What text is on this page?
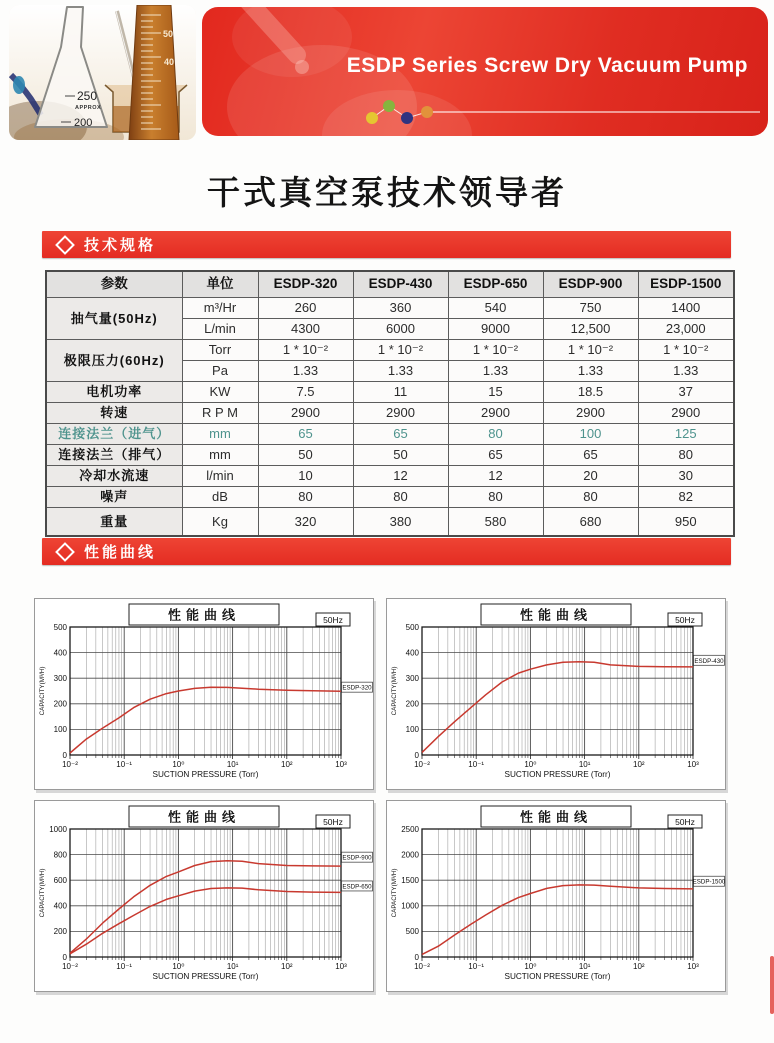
250
APPROX
200
50
40	ESDP Series Screw Dry Vacuum Pump
干式真空泵技术领导者
技术规格
参数	单位	ESDP-320	ESDP-430	ESDP-650	ESDP-900	ESDP-1500
抽气量(50Hz)	m³/Hr	260	360	540	750	1400
	L/min	4300	6000	9000	12,500	23,000
极限压力(60Hz)	Torr	1 * 10⁻²	1 * 10⁻²	1 * 10⁻²	1 * 10⁻²	1 * 10⁻²
	Pa	1.33	1.33	1.33	1.33	1.33
电机功率	KW	7.5	11	15	18.5	37
转速	R P M	2900	2900	2900	2900	2900
连接法兰（进气）	mm	65	65	80	100	125
连接法兰（排气）	mm	50	50	65	65	80
冷却水流速	l/min	10	12	12	20	30
噪声	dB	80	80	80	80	82
重量	Kg	320	380	580	680	950
性能曲线
10⁻²	10⁻¹	10⁰	10¹	10²	10³
0
100
200
300
400
500
ESDP-320
性能曲线	50Hz
SUCTION PRESSURE (Torr)
CAPACITY(M³/H)
10⁻²	10⁻¹	10⁰	10¹	10²	10³
0
100
200
300
400
500
ESDP-430
性能曲线	50Hz
SUCTION PRESSURE (Torr)
CAPACITY(M³/H)
10⁻²	10⁻¹	10⁰	10¹	10²	10³
0
200
400
600
800
1000
ESDP-900
ESDP-650
性能曲线	50Hz
SUCTION PRESSURE (Torr)
CAPACITY(M³/H)
10⁻²	10⁻¹	10⁰	10¹	10²	10³
0
500
1000
1500
2000
2500
ESDP-1500
性能曲线	50Hz
SUCTION PRESSURE (Torr)
CAPACITY(M³/H)
